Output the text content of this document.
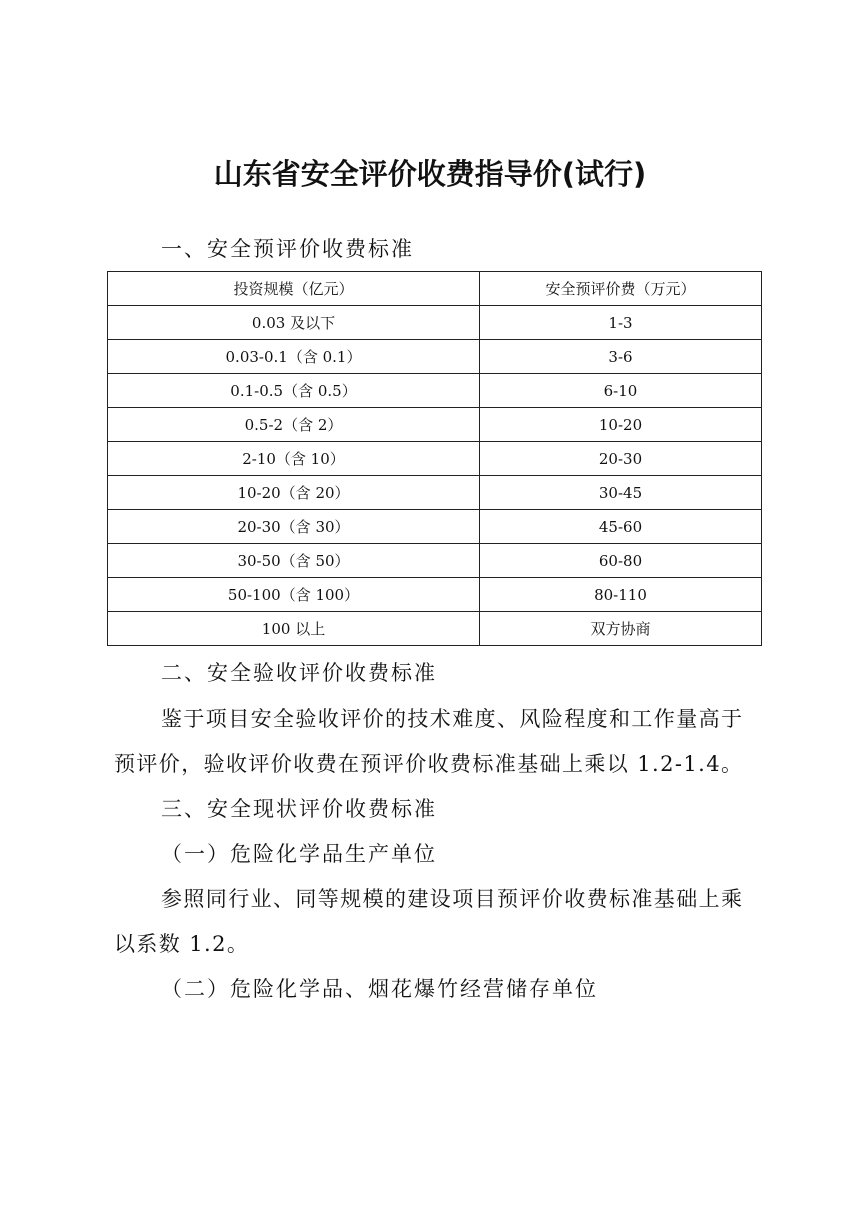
山东省安全评价收费指导价(试行)

一、安全预评价收费标准

投资规模（亿元）	安全预评价费（万元）
0.03 及以下	1-3
0.03-0.1（含 0.1）	3-6
0.1-0.5（含 0.5）	6-10
0.5-2（含 2）	10-20
2-10（含 10）	20-30
10-20（含 20）	30-45
20-30（含 30）	45-60
30-50（含 50）	60-80
50-100（含 100）	80-110
100 以上	双方协商

二、安全验收评价收费标准

鉴于项目安全验收评价的技术难度、风险程度和工作量高于

预评价，验收评价收费在预评价收费标准基础上乘以 1.2-1.4。

三、安全现状评价收费标准

（一）危险化学品生产单位

参照同行业、同等规模的建设项目预评价收费标准基础上乘

以系数 1.2。

（二）危险化学品、烟花爆竹经营储存单位
